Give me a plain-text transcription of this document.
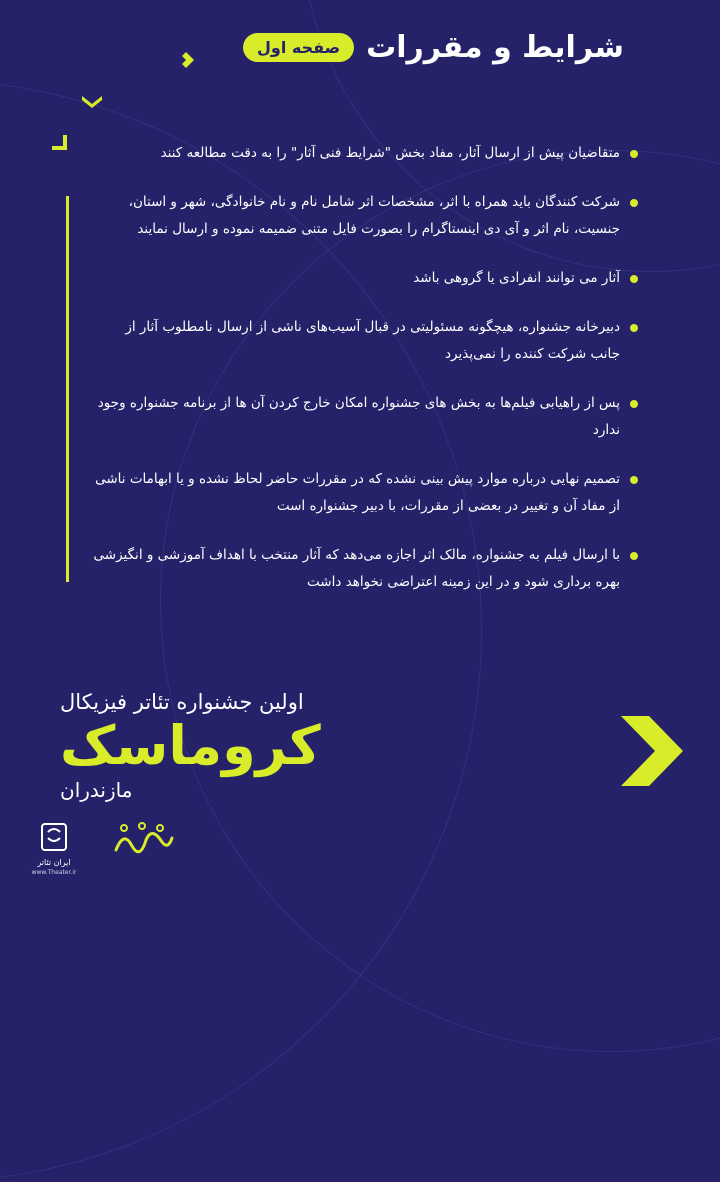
شرایط و مقررات
صفحه اول
متقاضیان پیش از ارسال آثار، مفاد بخش "شرایط فنی آثار" را به دقت مطالعه کنند
شرکت کنندگان باید همراه با اثر، مشخصات اثر شامل نام و نام خانوادگی، شهر و استان، جنسیت، نام اثر و آی دی اینستاگرام را بصورت فایل متنی ضمیمه نموده و ارسال نمایند
آثار می توانند انفرادی یا گروهی باشد
دبیرخانه جشنواره، هیچگونه مسئولیتی در قبال آسیب‌های ناشی از ارسال نامطلوب آثار از جانب شرکت کننده را نمی‌پذیرد
پس از راهیابی فیلم‌ها به بخش های جشنواره امکان خارج کردن آن ها از برنامه جشنواره وجود ندارد
تصمیم نهایی درباره موارد پیش بینی نشده که در مقررات حاضر لحاظ نشده و یا ابهامات ناشی از مفاد آن و تغییر در بعضی از مقررات، با دبیر جشنواره است
با ارسال فیلم به جشنواره، مالک اثر اجازه می‌دهد که آثار منتخب با اهداف آموزشی و انگیزشی بهره برداری شود و در این زمینه اعتراضی نخواهد داشت
اولین جشنواره تئاتر فیزیکال
کروماسک
مازندران
ایران تئاتر
www.Theater.ir
